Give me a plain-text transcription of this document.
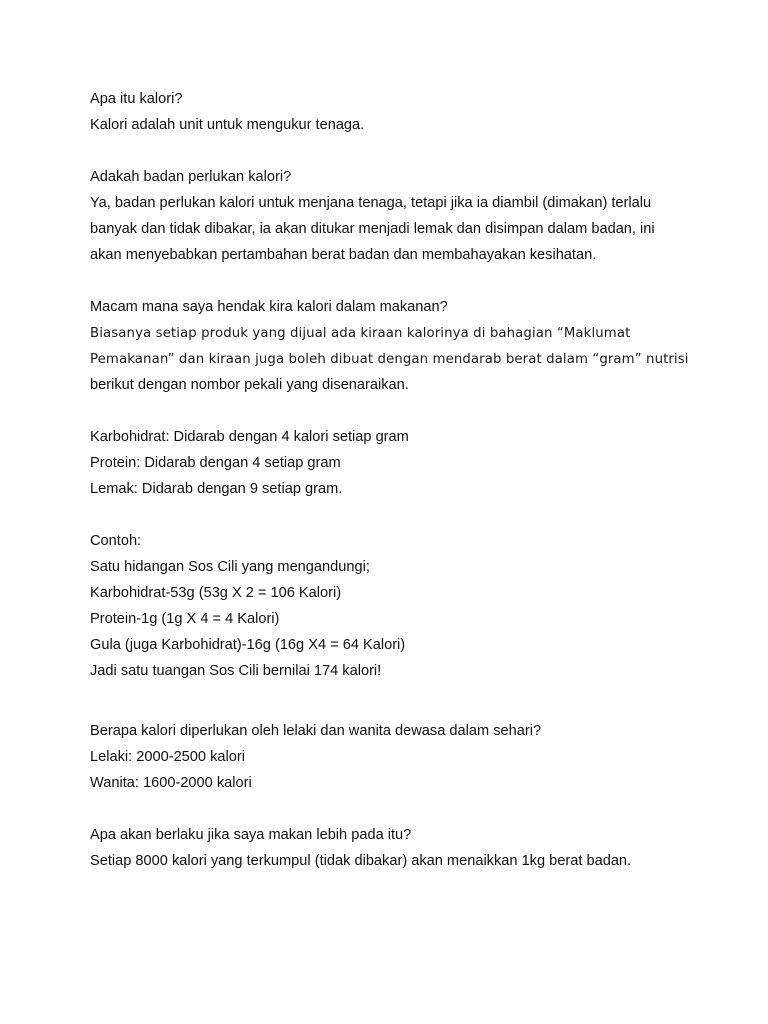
Apa itu kalori?
Kalori adalah unit untuk mengukur tenaga.
Adakah badan perlukan kalori?
Ya, badan perlukan kalori untuk menjana tenaga, tetapi jika ia diambil (dimakan) terlalu
banyak dan tidak dibakar, ia akan ditukar menjadi lemak dan disimpan dalam badan, ini
akan menyebabkan pertambahan berat badan dan membahayakan kesihatan.
Macam mana saya hendak kira kalori dalam makanan?
Biasanya setiap produk yang dijual ada kiraan kalorinya di bahagian “Maklumat
Pemakanan” dan kiraan juga boleh dibuat dengan mendarab berat dalam “gram” nutrisi
berikut dengan nombor pekali yang disenaraikan.
Karbohidrat: Didarab dengan 4 kalori setiap gram
Protein: Didarab dengan 4 setiap gram
Lemak: Didarab dengan 9 setiap gram.
Contoh:
Satu hidangan Sos Cili yang mengandungi;
Karbohidrat-53g (53g X 2 = 106 Kalori)
Protein-1g (1g X 4 = 4 Kalori)
Gula (juga Karbohidrat)-16g (16g X4 = 64 Kalori)
Jadi satu tuangan Sos Cili bernilai 174 kalori!
Berapa kalori diperlukan oleh lelaki dan wanita dewasa dalam sehari?
Lelaki: 2000-2500 kalori
Wanita: 1600-2000 kalori
Apa akan berlaku jika saya makan lebih pada itu?
Setiap 8000 kalori yang terkumpul (tidak dibakar) akan menaikkan 1kg berat badan.
